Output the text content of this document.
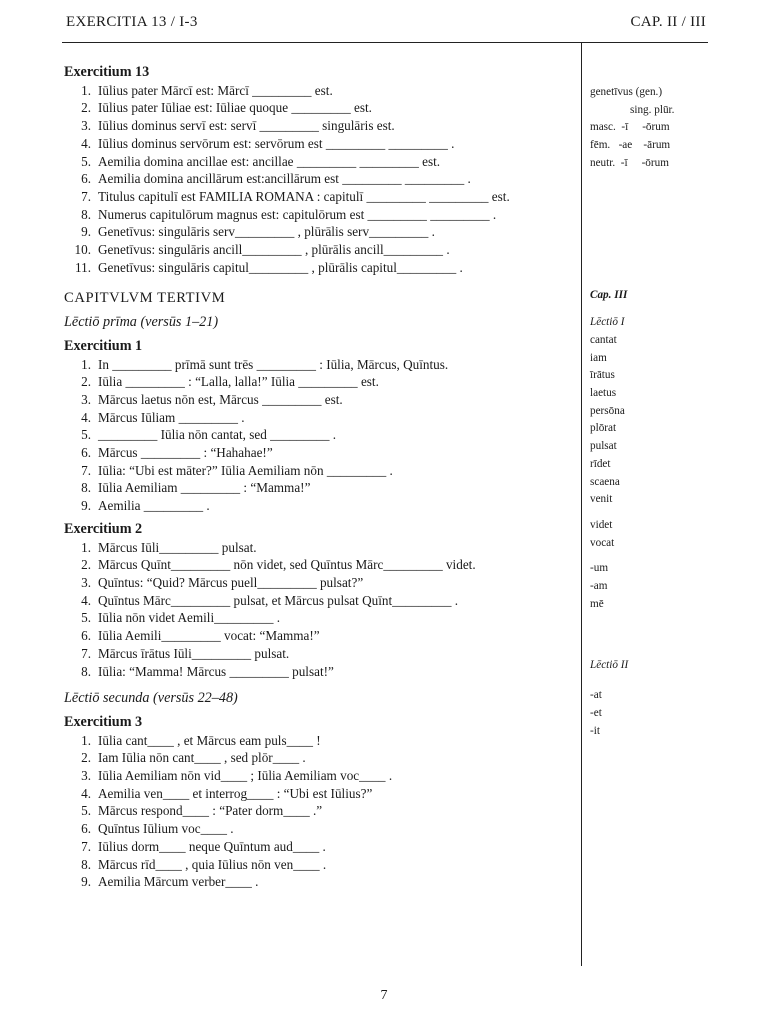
EXERCITIA 13 / I-3	CAP. II / III
Exercitium 13
1. Iūlius pater Mārcī est: Mārcī _________ est.
2. Iūlius pater Iūliae est: Iūliae quoque _________ est.
3. Iūlius dominus servī est: servī _________ singulāris est.
4. Iūlius dominus servōrum est: servōrum est _________ _________ .
5. Aemilia domina ancillae est: ancillae _________ _________ est.
6. Aemilia domina ancillārum est:ancillārum est _________ _________ .
7. Titulus capitulī est FAMILIA ROMANA : capitulī _________ _________ est.
8. Numerus capitulōrum magnus est: capitulōrum est _________ _________ .
9. Genetīvus: singulāris serv_________ , plūrālis serv_________ .
10. Genetīvus: singulāris ancill_________ , plūrālis ancill_________ .
11. Genetīvus: singulāris capitul_________ , plūrālis capitul_________ .
CAPITVLVM TERTIVM
Lēctiō prīma (versūs 1–21)
Exercitium 1
1. In _________ prīmā sunt trēs _________ : Iūlia, Mārcus, Quīntus.
2. Iūlia _________ : “Lalla, lalla!” Iūlia _________ est.
3. Mārcus laetus nōn est, Mārcus _________ est.
4. Mārcus Iūliam _________ .
5. _________ Iūlia nōn cantat, sed _________ .
6. Mārcus _________ : “Hahahae!”
7. Iūlia: “Ubi est māter?” Iūlia Aemiliam nōn _________ .
8. Iūlia Aemiliam _________ : “Mamma!”
9. Aemilia _________ .
Exercitium 2
1. Mārcus Iūli_________ pulsat.
2. Mārcus Quīnt_________ nōn videt, sed Quīntus Mārc_________ videt.
3. Quīntus: “Quid? Mārcus puell_________ pulsat?”
4. Quīntus Mārc_________ pulsat, et Mārcus pulsat Quīnt_________ .
5. Iūlia nōn videt Aemili_________ .
6. Iūlia Aemili_________ vocat: “Mamma!”
7. Mārcus īrātus Iūli_________ pulsat.
8. Iūlia: “Mamma! Mārcus _________ pulsat!”
Lēctiō secunda (versūs 22–48)
Exercitium 3
1. Iūlia cant____ , et Mārcus eam puls____ !
2. Iam Iūlia nōn cant____ , sed plōr____ .
3. Iūlia Aemiliam nōn vid____ ; Iūlia Aemiliam voc____ .
4. Aemilia ven____ et interrog____ : “Ubi est Iūlius?”
5. Mārcus respond____ : “Pater dorm____ .”
6. Quīntus Iūlium voc____ .
7. Iūlius dorm____ neque Quīntum aud____ .
8. Mārcus rīd____ , quia Iūlius nōn ven____ .
9. Aemilia Mārcum verber____ .
genetīvus (gen.)
sing. plūr.
masc.  -ī     -ōrum
fēm.   -ae    -ārum
neutr.  -ī     -ōrum
Cap. III
Lēctiō I
cantat
iam
īrātus
laetus
persōna
plōrat
pulsat
rīdet
scaena
venit
videt
vocat
-um
-am
mē
Lēctiō II
-at
-et
-it
7
